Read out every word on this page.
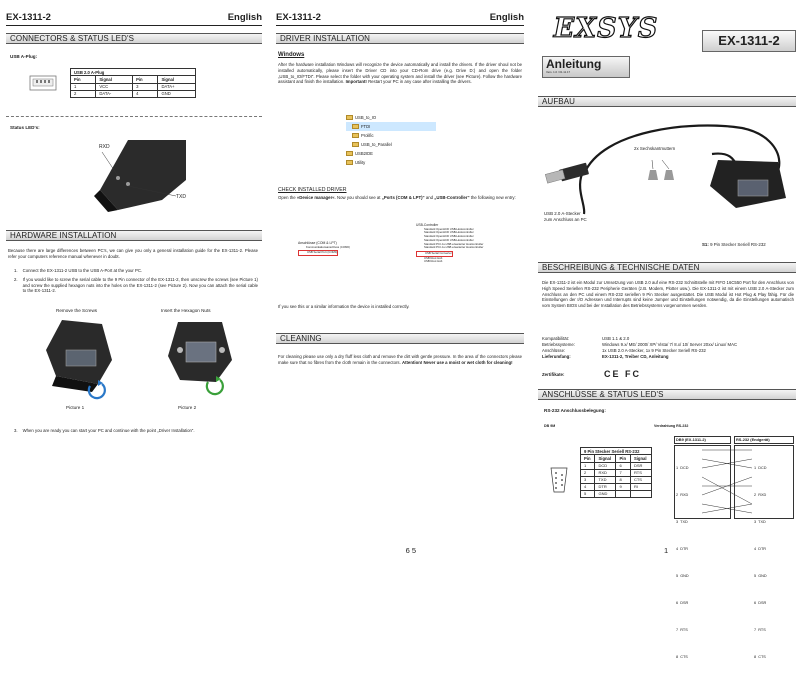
EX-1311-2	English
CONNECTORS & STATUS LED'S
USB A-Plug:
USB 2.0 A-Plug			
Pin	Signal	Pin	Signal
1	VCC	3	DATA+
2	DATA-	4	GND
Status LED's:
RXD
TXD
HARDWARE INSTALLATION
Because there are large differences between PC's, we can give you only a general installation guide for the EX-1311-2. Please refer your computers reference manual whenever in doubt.
1. Connect the EX-1311-2 USB to the USB A-Port at the your PC.
2. If you would like to screw the serial cable to the 9 Pin connector of the EX-1311-2, then unscrew the screws (see Picture 1) and screw the supplied hexagon nuts into the holes on the EX-1311-2 (see Picture 2). Now you can attach the serial cable to the EX-1311-2.
Remove the Screws	Insert the Hexagon Nuts
Picture 1	Picture 2
3. When you are ready you can start your PC and continue with the point „Driver Installation“.
EX-1311-2	English
DRIVER INSTALLATION
Windows
After the hardware installation Windows will recognize the device automatically and install the drivers. If the driver shoul not be installed automatically, please insert the Driver CD into your CD-Rom drive (e.g. Drive D:) and open the folder „USB_to_IO/FTDI“. Please select the folder with your operating system and install the driver (see Picture). Follow the hardware assistant and finish the installation. Important! Restart your PC in any case after installing the drivers.
USB_to_IO
FTDI
Prolific
USB_to_Parallel
USB2IDE
Utility
CHECK INSTALLED DRIVER
Open the »Device manager«. Now you should see at „Ports (COM & LPT)“ and „USB-Controller“ the following new entry:
Anschlüsse (COM & LPT)
Kommunikationsanschluss (COM6)
USB Serial Port (COM4)
USB-Controller
Standard OpenHCD USB-Hostcontroller
Standard OpenHCD USB-Hostcontroller
Standard OpenHCD USB-Hostcontroller
Standard OpenHCD USB-Hostcontroller
Standard PCI-zu-USB erweiterter Hostcontroller
Standard PCI-zu-USB erweiterter Hostcontroller
USB Serial Converter
USB Root Hub
USB Root Hub
If you see this or a similar information the device is installed correctly.
CLEANING
For cleaning please use only a dry fluff less cloth and remove the dirt with gentle pressure. In the area of the connectors please make sure that no fibres from the cloth remain in the connectors. Attention! Never use a moist or wet cloth for cleaning!
6 5
EXSYS	EX-1311-2
Anleitung
Vers. 1.0 / 01.11.17
AUFBAU
2x Sechskantmuttern
USB 2.0 A-Stecker
zum Anschluss an PC
S1: 9 Pin Stecker Seriell RS-232
BESCHREIBUNG & TECHNISCHE DATEN
Die EX-1311-2 ist ein Modul zur Umsetzung von USB 2.0 auf eine RS-232 Schnittstelle mit FIFO 16C550 Port für den Anschluss von High Speed Seriellen RS-232 Peripherie Geräten (z.B. Modem, Plotter usw.). Die EX-1311-2 ist mit einem USB 2.0 A-Stecker zum Anschluss an den PC und einem RS-232 seriellen 9 Pin Stecker ausgestattet. Die USB Modul ist Hot Plug & Play fähig. Für die Einstellungen der I/O Adressen und Interrupts sind keine Jumper und Einstellungen notwendig, da die Einstellungen automatisch vom System BIOS und bei der Installation des Betriebssystems vorgenommen werden.
Kompatibilität:	USB 1.1 & 2.0
Betriebssysteme:	Windows 9.x/ ME/ 2000/ XP/ Vista/ 7/ 8.x/ 10/ Server 20xx/ Linux/ MAC
Anschlüsse:	1x USB 2.0 A-Stecker, 1x 9 Pin Stecker Seriell RS-232
Lieferumfang:	EX-1311-2, Treiber CD, Anleitung
Zertifikate:	CE FC
ANSCHLÜSSE & STATUS LED'S
RS-232 Anschlussbelegung:
DB 9M	Verdrahtung RS-232
9 Pin Stecker Seriell RS-232			
Pin	Signal	Pin	Signal
1	DCD	6	DSR
2	RXD	7	RTS
3	TXD	8	CTS
4	DTR	9	RI
5	GND		
DB9 (EX-1311-2)	RS-232 (Endgerät)

1  DCD

2  RXD

3  TXD

4  DTR

5  GND

6  DSR

7  RTS

8  CTS

1  DCD

2  RXD

3  TXD

4  DTR

5  GND

6  DSR

7  RTS

8  CTS

1
